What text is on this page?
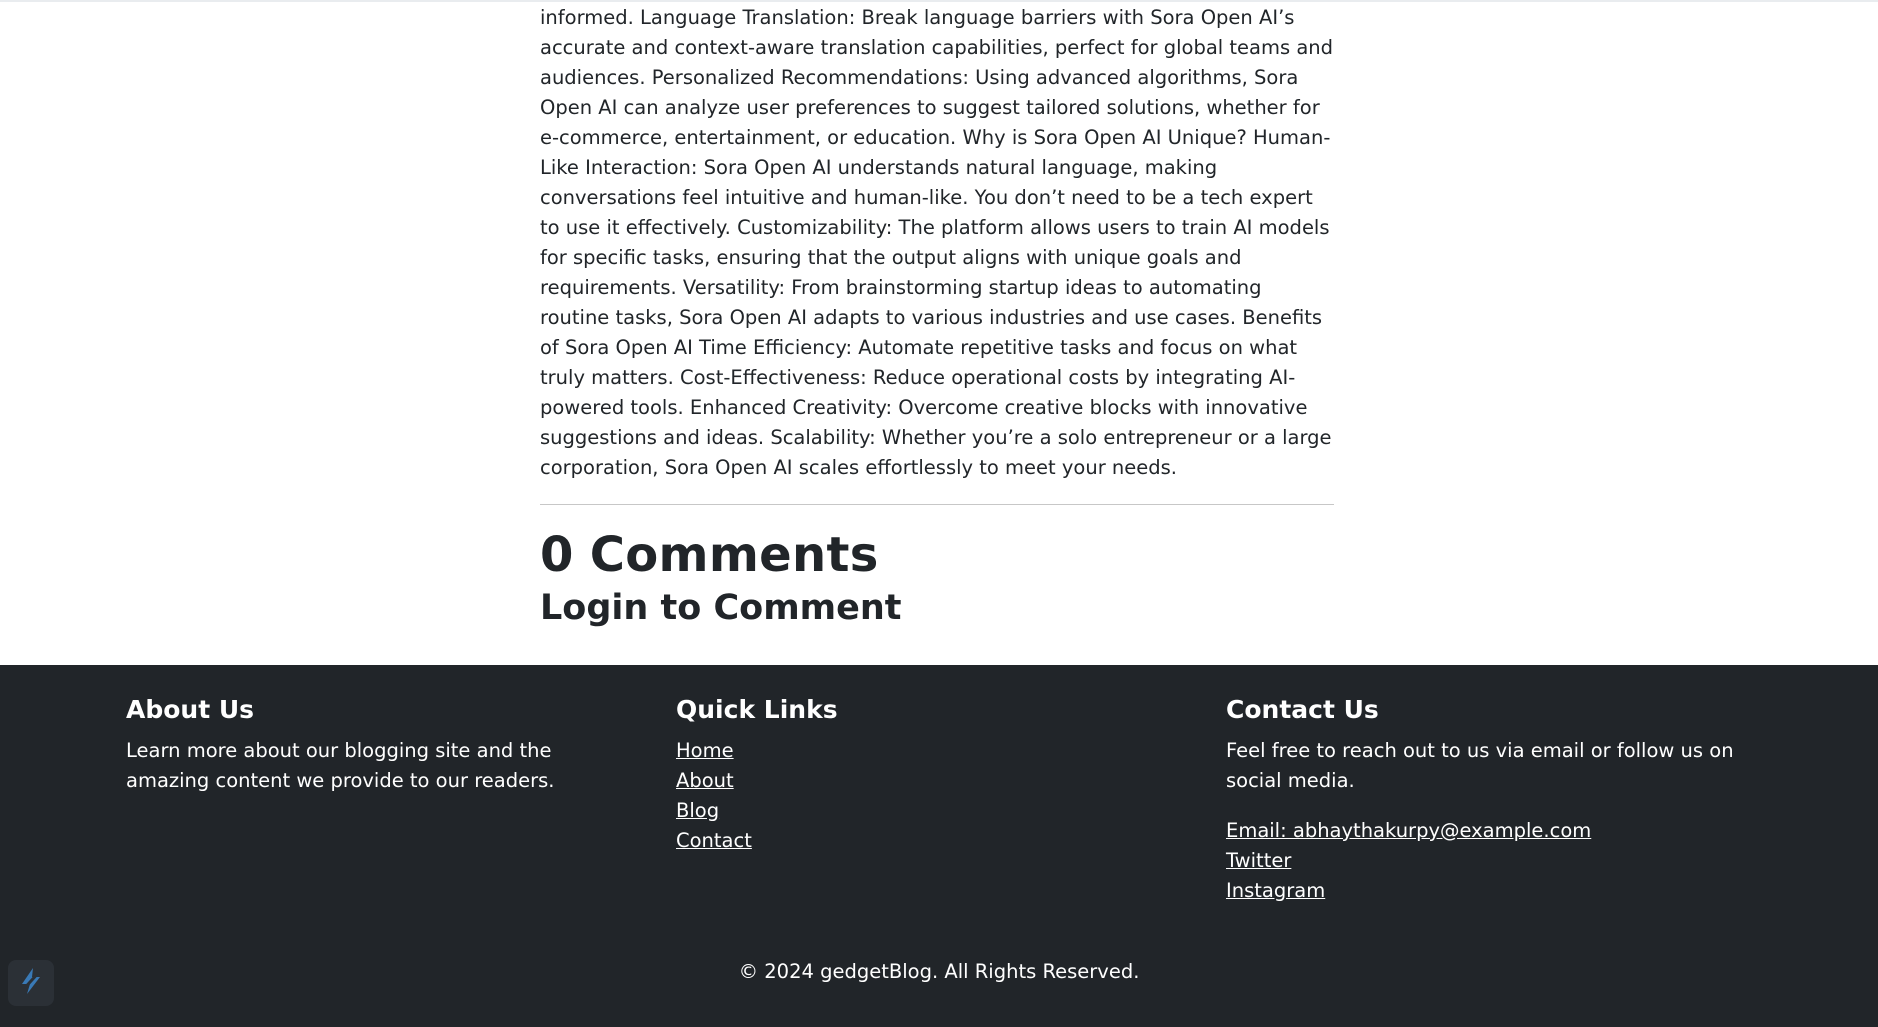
informed. Language Translation: Break language barriers with Sora Open AI’s accurate and context-aware translation capabilities, perfect for global teams and audiences. Personalized Recommendations: Using advanced algorithms, Sora Open AI can analyze user preferences to suggest tailored solutions, whether for e-commerce, entertainment, or education. Why is Sora Open AI Unique? Human-Like Interaction: Sora Open AI understands natural language, making conversations feel intuitive and human-like. You don’t need to be a tech expert to use it effectively. Customizability: The platform allows users to train AI models for specific tasks, ensuring that the output aligns with unique goals and requirements. Versatility: From brainstorming startup ideas to automating routine tasks, Sora Open AI adapts to various industries and use cases. Benefits of Sora Open AI Time Efficiency: Automate repetitive tasks and focus on what truly matters. Cost-Effectiveness: Reduce operational costs by integrating AI-powered tools. Enhanced Creativity: Overcome creative blocks with innovative suggestions and ideas. Scalability: Whether you’re a solo entrepreneur or a large corporation, Sora Open AI scales effortlessly to meet your needs.

0 Comments
Login to Comment
About Us

Learn more about our blogging site and the amazing content we provide to our readers.

Quick Links
Home
About
Blog
Contact
Contact Us

Feel free to reach out to us via email or follow us on social media.

Email: abhaythakurpy@example.com
Twitter
Instagram
© 2024 gedgetBlog. All Rights Reserved.
